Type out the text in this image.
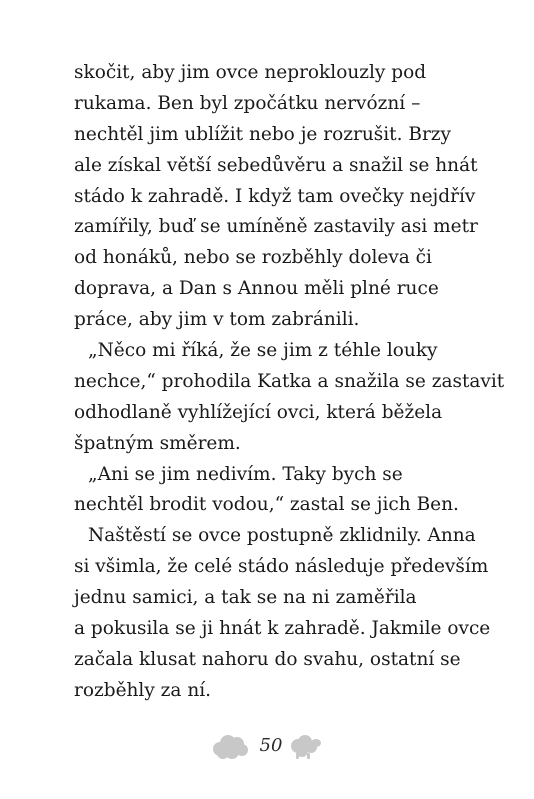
skočit, aby jim ovce neproklouzly pod
rukama. Ben byl zpočátku nervózní –
nechtěl jim ublížit nebo je rozrušit. Brzy
ale získal větší sebedůvěru a snažil se hnát
stádo k zahradě. I když tam ovečky nejdřív
zamířily, buď se umíněně zastavily asi metr
od honáků, nebo se rozběhly doleva či
doprava, a Dan s Annou měli plné ruce
práce, aby jim v tom zabránili.
„Něco mi říká, že se jim z téhle louky
nechce,“ prohodila Katka a snažila se zastavit
odhodlaně vyhlížející ovci, která běžela
špatným směrem.
„Ani se jim nedivím. Taky bych se
nechtěl brodit vodou,“ zastal se jich Ben.
Naštěstí se ovce postupně zklidnily. Anna
si všimla, že celé stádo následuje především
jednu samici, a tak se na ni zaměřila
a pokusila se ji hnát k zahradě. Jakmile ovce
začala klusat nahoru do svahu, ostatní se
rozběhly za ní.
50
